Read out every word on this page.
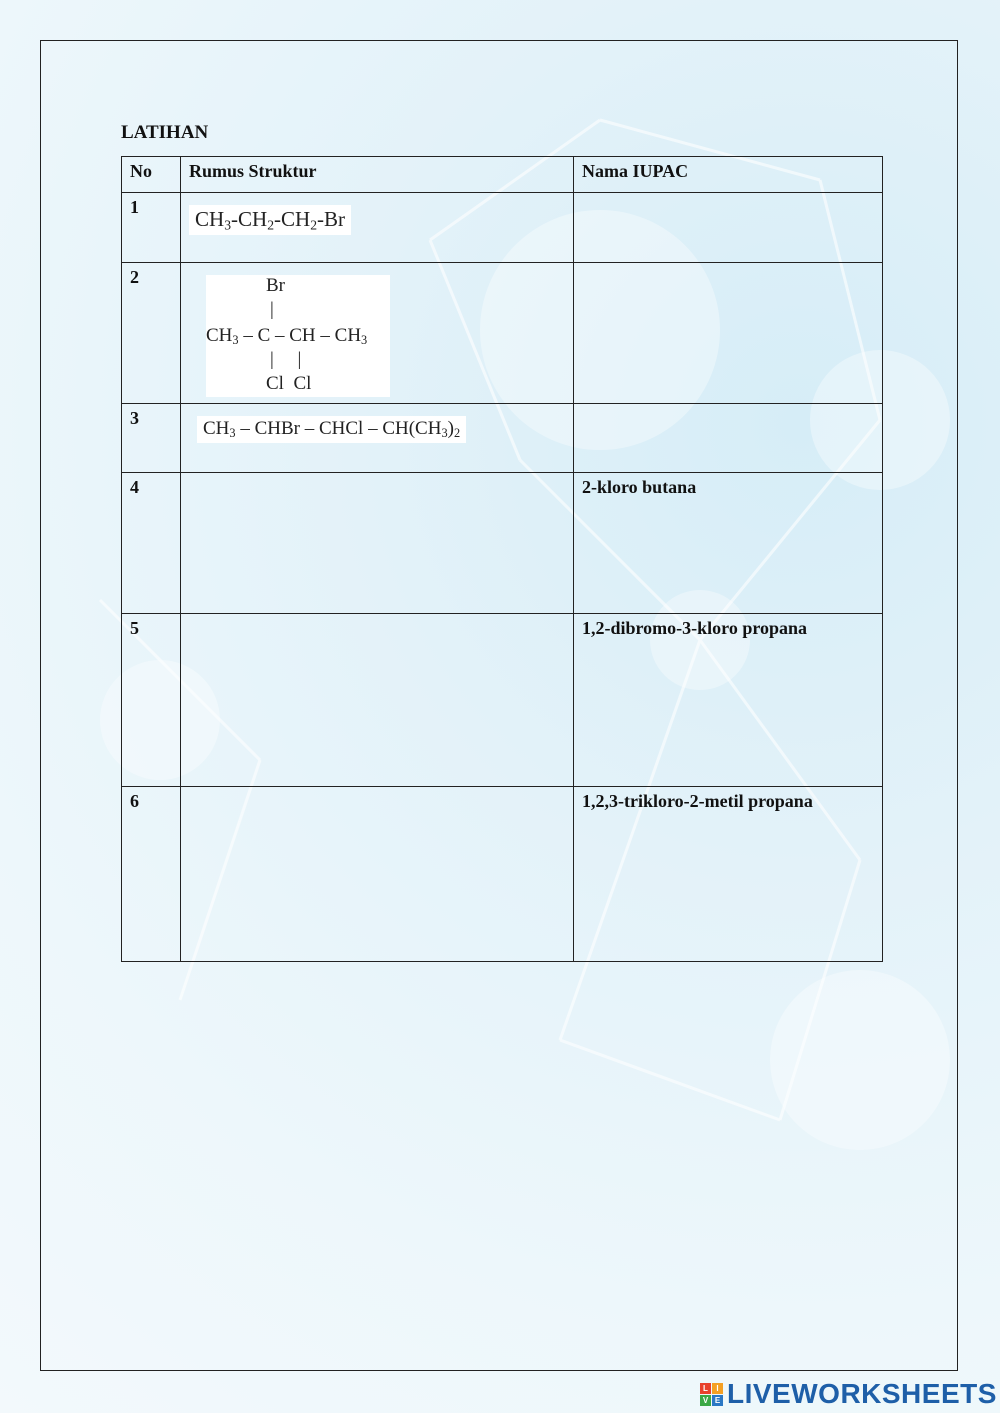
LATIHAN
No	Rumus Struktur	Nama IUPAC
1	$CH_3-CH_2-CH_2-Br$	
2	Br
|
$CH_3$ – C – CH – $CH_3$
|     |
Cl  Cl	

3	$CH_3$ – CHBr – CHCl – $CH(CH_3)_2$	
4		2-kloro butana
5		1,2-dibromo-3-kloro propana
6		1,2,3-trikloro-2-metil propana
L	I
V E LIVEWORKSHEETS
